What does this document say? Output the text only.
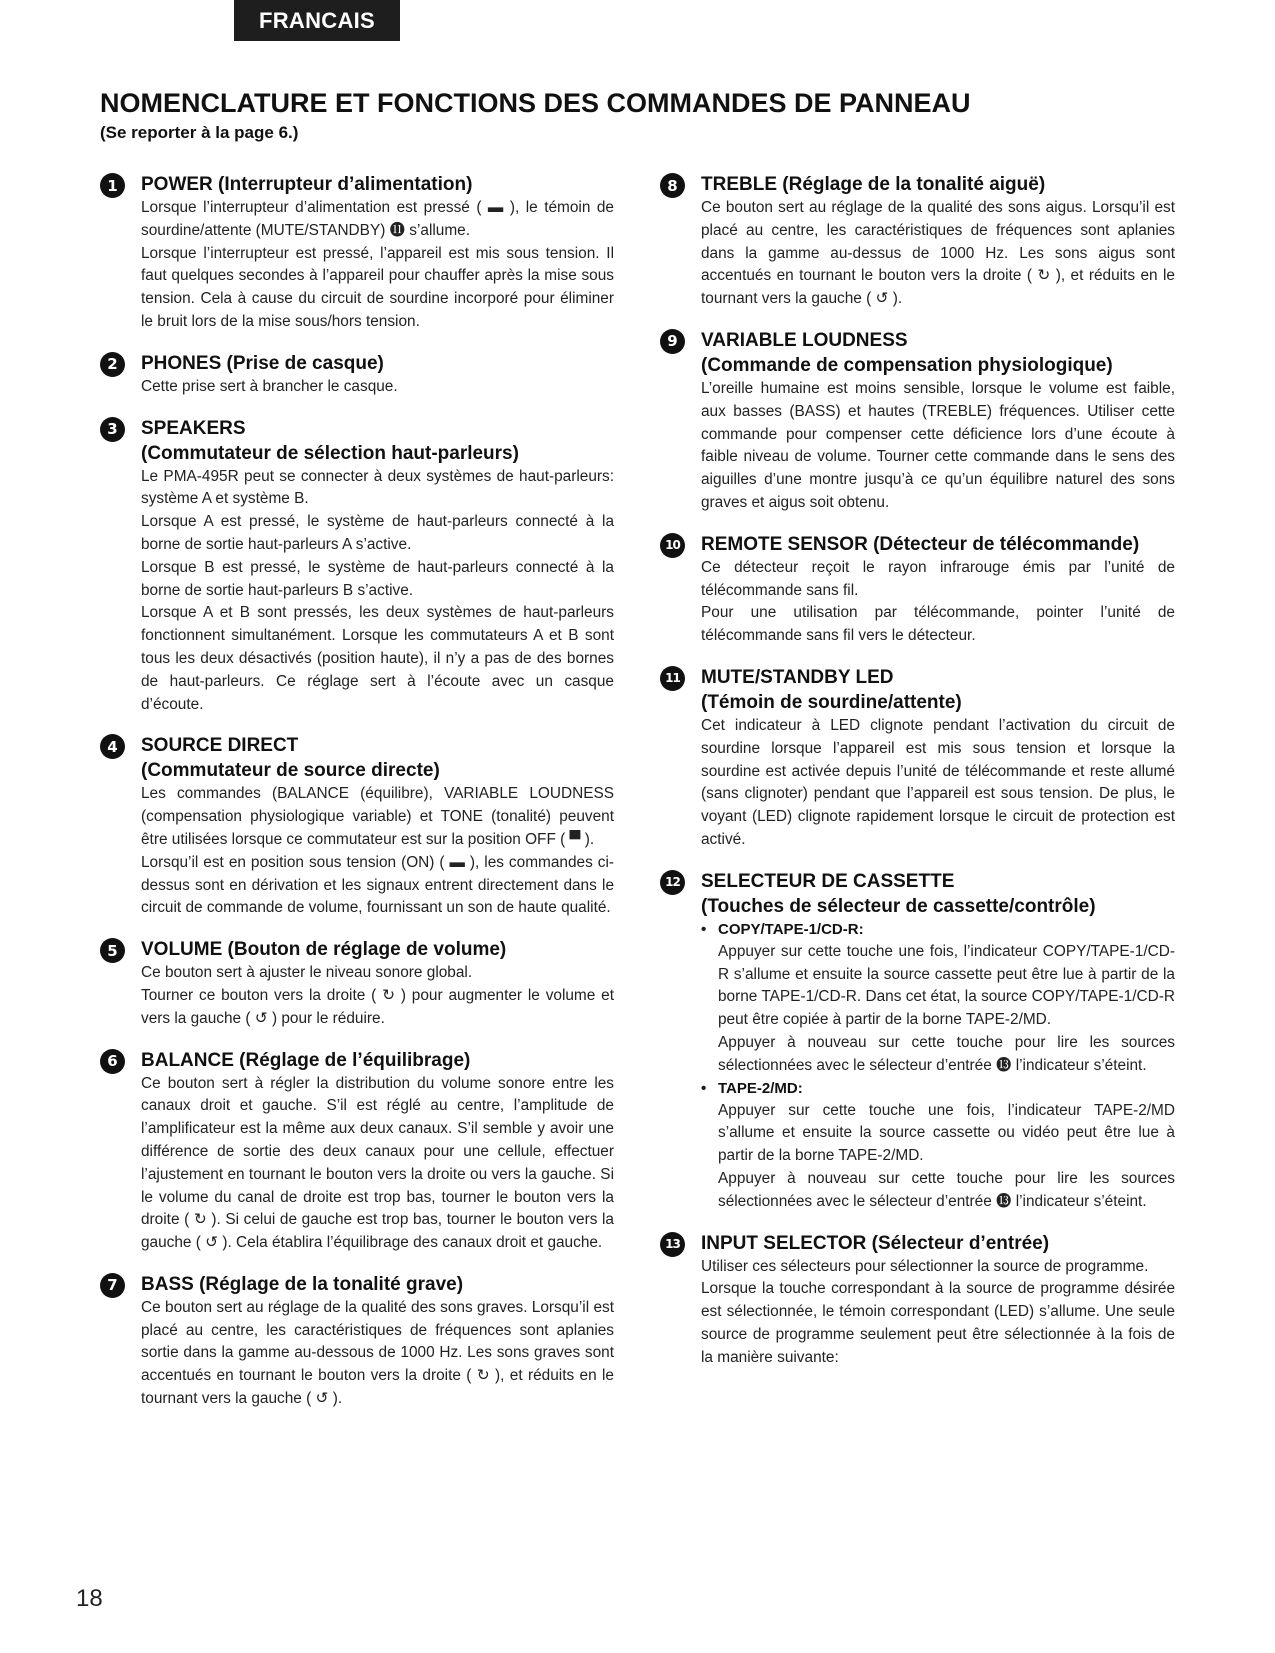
FRANCAIS
NOMENCLATURE ET FONCTIONS DES COMMANDES DE PANNEAU

(Se reporter à la page 6.)

1	POWER (Interrupteur d’alimentation)

Lorsque l’interrupteur d’alimentation est pressé ( ▬ ), le témoin de sourdine/attente (MUTE/STANDBY) ⓫ s’allume.

Lorsque l’interrupteur est pressé, l’appareil est mis sous tension. Il faut quelques secondes à l’appareil pour chauffer après la mise sous tension. Cela à cause du circuit de sourdine incorporé pour éliminer le bruit lors de la mise sous/hors tension.

2	PHONES (Prise de casque)

Cette prise sert à brancher le casque.

3	SPEAKERS

(Commutateur de sélection haut-parleurs)

Le PMA-495R peut se connecter à deux systèmes de haut-parleurs: système A et système B.

Lorsque A est pressé, le système de haut-parleurs connecté à la borne de sortie haut-parleurs A s’active.

Lorsque B est pressé, le système de haut-parleurs connecté à la borne de sortie haut-parleurs B s’active.

Lorsque A et B sont pressés, les deux systèmes de haut-parleurs fonctionnent simultanément. Lorsque les commutateurs A et B sont tous les deux désactivés (position haute), il n’y a pas de des bornes de haut-parleurs. Ce réglage sert à l’écoute avec un casque d’écoute.

4	SOURCE DIRECT

(Commutateur de source directe)

Les commandes (BALANCE (équilibre), VARIABLE LOUDNESS (compensation physiologique variable) et TONE (tonalité) peuvent être utilisées lorsque ce commutateur est sur la position OFF ( ▀ ).

Lorsqu’il est en position sous tension (ON) ( ▬ ), les commandes ci-dessus sont en dérivation et les signaux entrent directement dans le circuit de commande de volume, fournissant un son de haute qualité.

5	VOLUME (Bouton de réglage de volume)

Ce bouton sert à ajuster le niveau sonore global.

Tourner ce bouton vers la droite ( ↻ ) pour augmenter le volume et vers la gauche ( ↺ ) pour le réduire.

6	BALANCE (Réglage de l’équilibrage)

Ce bouton sert à régler la distribution du volume sonore entre les canaux droit et gauche. S’il est réglé au centre, l’amplitude de l’amplificateur est la même aux deux canaux. S’il semble y avoir une différence de sortie des deux canaux pour une cellule, effectuer l’ajustement en tournant le bouton vers la droite ou vers la gauche. Si le volume du canal de droite est trop bas, tourner le bouton vers la droite ( ↻ ). Si celui de gauche est trop bas, tourner le bouton vers la gauche ( ↺ ). Cela établira l’équilibrage des canaux droit et gauche.

7	BASS (Réglage de la tonalité grave)

Ce bouton sert au réglage de la qualité des sons graves. Lorsqu’il est placé au centre, les caractéristiques de fréquences sont aplanies sortie dans la gamme au-dessous de 1000 Hz. Les sons graves sont accentués en tournant le bouton vers la droite ( ↻ ), et réduits en le tournant vers la gauche ( ↺ ).

8	TREBLE (Réglage de la tonalité aiguë)

Ce bouton sert au réglage de la qualité des sons aigus. Lorsqu’il est placé au centre, les caractéristiques de fréquences sont aplanies dans la gamme au-dessus de 1000 Hz. Les sons aigus sont accentués en tournant le bouton vers la droite ( ↻ ), et réduits en le tournant vers la gauche ( ↺ ).

9	VARIABLE LOUDNESS

(Commande de compensation physiologique)

L’oreille humaine est moins sensible, lorsque le volume est faible, aux basses (BASS) et hautes (TREBLE) fréquences. Utiliser cette commande pour compenser cette déficience lors d’une écoute à faible niveau de volume. Tourner cette commande dans le sens des aiguilles d’une montre jusqu’à ce qu’un équilibre naturel des sons graves et aigus soit obtenu.

10 REMOTE SENSOR (Détecteur de télécommande)

Ce détecteur reçoit le rayon infrarouge émis par l’unité de télécommande sans fil.

Pour une utilisation par télécommande, pointer l’unité de télécommande sans fil vers le détecteur.

11 MUTE/STANDBY LED

(Témoin de sourdine/attente)

Cet indicateur à LED clignote pendant l’activation du circuit de sourdine lorsque l’appareil est mis sous tension et lorsque la sourdine est activée depuis l’unité de télécommande et reste allumé (sans clignoter) pendant que l’appareil est sous tension. De plus, le voyant (LED) clignote rapidement lorsque le circuit de protection est activé.

12 SELECTEUR DE CASSETTE

(Touches de sélecteur de cassette/contrôle)

• COPY/TAPE-1/CD-R:

Appuyer sur cette touche une fois, l’indicateur COPY/TAPE-1/CD-R s’allume et ensuite la source cassette peut être lue à partir de la borne TAPE-1/CD-R. Dans cet état, la source COPY/TAPE-1/CD-R peut être copiée à partir de la borne TAPE-2/MD.

Appuyer à nouveau sur cette touche pour lire les sources sélectionnées avec le sélecteur d’entrée ⓭ l’indicateur s’éteint.

• TAPE-2/MD:

Appuyer sur cette touche une fois, l’indicateur TAPE-2/MD s’allume et ensuite la source cassette ou vidéo peut être lue à partir de la borne TAPE-2/MD.

Appuyer à nouveau sur cette touche pour lire les sources sélectionnées avec le sélecteur d’entrée ⓭ l’indicateur s’éteint.

13 INPUT SELECTOR (Sélecteur d’entrée)

Utiliser ces sélecteurs pour sélectionner la source de programme.

Lorsque la touche correspondant à la source de programme désirée est sélectionnée, le témoin correspondant (LED) s’allume. Une seule source de programme seulement peut être sélectionnée à la fois de la manière suivante:

18
